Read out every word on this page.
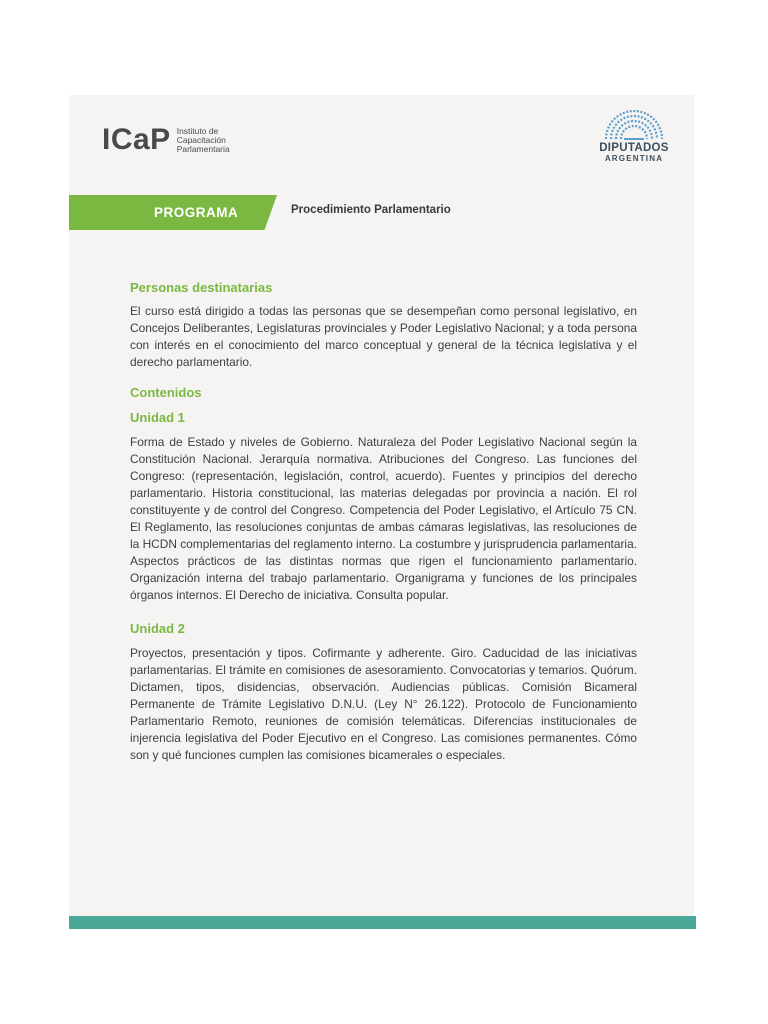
ICaP Instituto de
Capacitación
Parlamentaria	DIPUTADOS
ARGENTINA
PROGRAMA	Procedimiento Parlamentario
Personas destinatarias

El curso está dirigido a todas las personas que se desempeñan como personal legislativo, en Concejos Deliberantes, Legislaturas provinciales y Poder Legislativo Nacional; y a toda persona con interés en el conocimiento del marco conceptual y general de la técnica legislativa y el derecho parlamentario.

Contenidos
Unidad 1

Forma de Estado y niveles de Gobierno. Naturaleza del Poder Legislativo Nacional según la Constitución Nacional. Jerarquía normativa. Atribuciones del Congreso. Las funciones del Congreso: (representación, legislación, control, acuerdo). Fuentes y principios del derecho parlamentario. Historia constitucional, las materias delegadas por provincia a nación. El rol constituyente y de control del Congreso. Competencia del Poder Legislativo, el Artículo 75 CN. El Reglamento, las resoluciones conjuntas de ambas cámaras legislativas, las resoluciones de la HCDN complementarias del reglamento interno. La costumbre y jurisprudencia parlamentaria. Aspectos prácticos de las distintas normas que rigen el funcionamiento parlamentario. Organización interna del trabajo parlamentario. Organigrama y funciones de los principales órganos internos. El Derecho de iniciativa. Consulta popular.

Unidad 2

Proyectos, presentación y tipos. Cofirmante y adherente. Giro. Caducidad de las iniciativas parlamentarias. El trámite en comisiones de asesoramiento. Convocatorias y temarios. Quórum. Dictamen, tipos, disidencias, observación. Audiencias públicas. Comisión Bicameral Permanente de Trámite Legislativo D.N.U. (Ley N° 26.122). Protocolo de Funcionamiento Parlamentario Remoto, reuniones de comisión telemáticas. Diferencias institucionales de injerencia legislativa del Poder Ejecutivo en el Congreso. Las comisiones permanentes. Cómo son y qué funciones cumplen las comisiones bicamerales o especiales.
